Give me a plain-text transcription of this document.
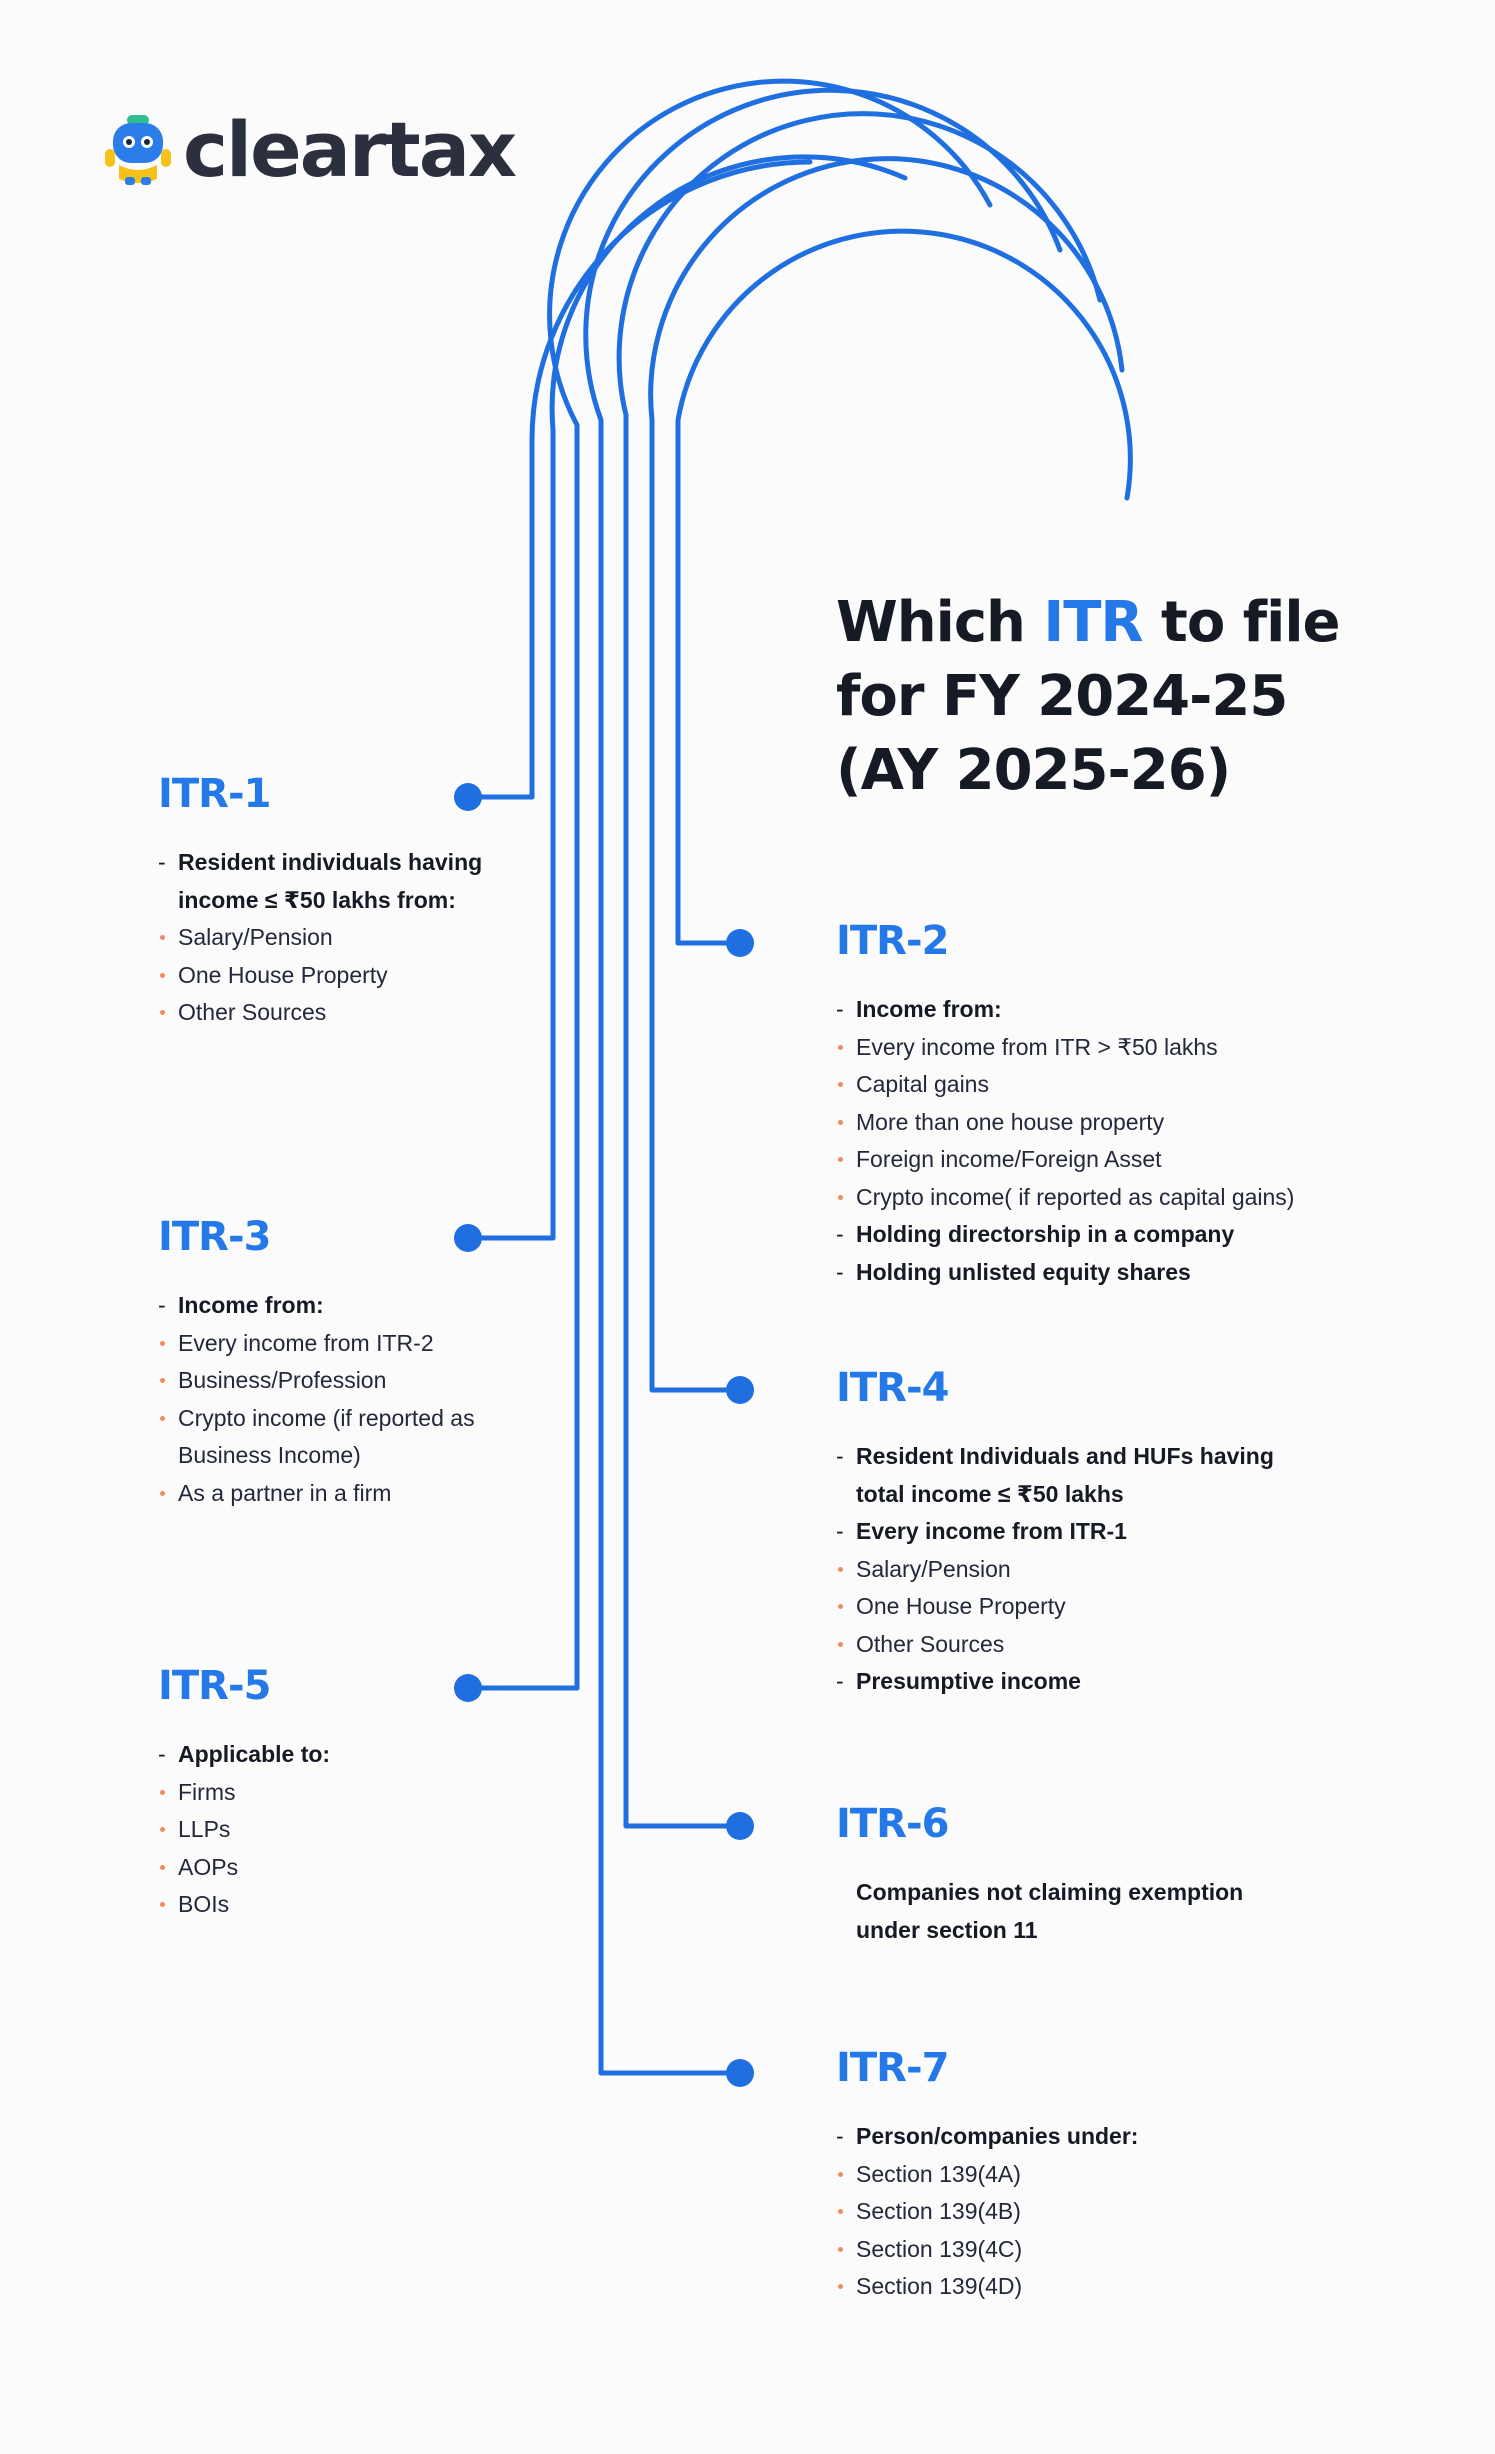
cleartax
Which ITR to file
for FY 2024-25
(AY 2025-26)
ITR-1
- Resident individuals having
income ≤ ₹50 lakhs from:
Salary/Pension
One House Property
Other Sources
ITR-3
- Income from:
Every income from ITR-2
Business/Profession
Crypto income (if reported as
Business Income)
As a partner in a firm
ITR-5
- Applicable to:
Firms
LLPs
AOPs
BOIs
ITR-2
- Income from:
Every income from ITR > ₹50 lakhs
Capital gains
More than one house property
Foreign income/Foreign Asset
Crypto income( if reported as capital gains)
- Holding directorship in a company
- Holding unlisted equity shares
ITR-4
- Resident Individuals and HUFs having
total income ≤ ₹50 lakhs
- Every income from ITR-1
Salary/Pension
One House Property
Other Sources
- Presumptive income
ITR-6
Companies not claiming exemption
under section 11
ITR-7
- Person/companies under:
Section 139(4A)
Section 139(4B)
Section 139(4C)
Section 139(4D)
